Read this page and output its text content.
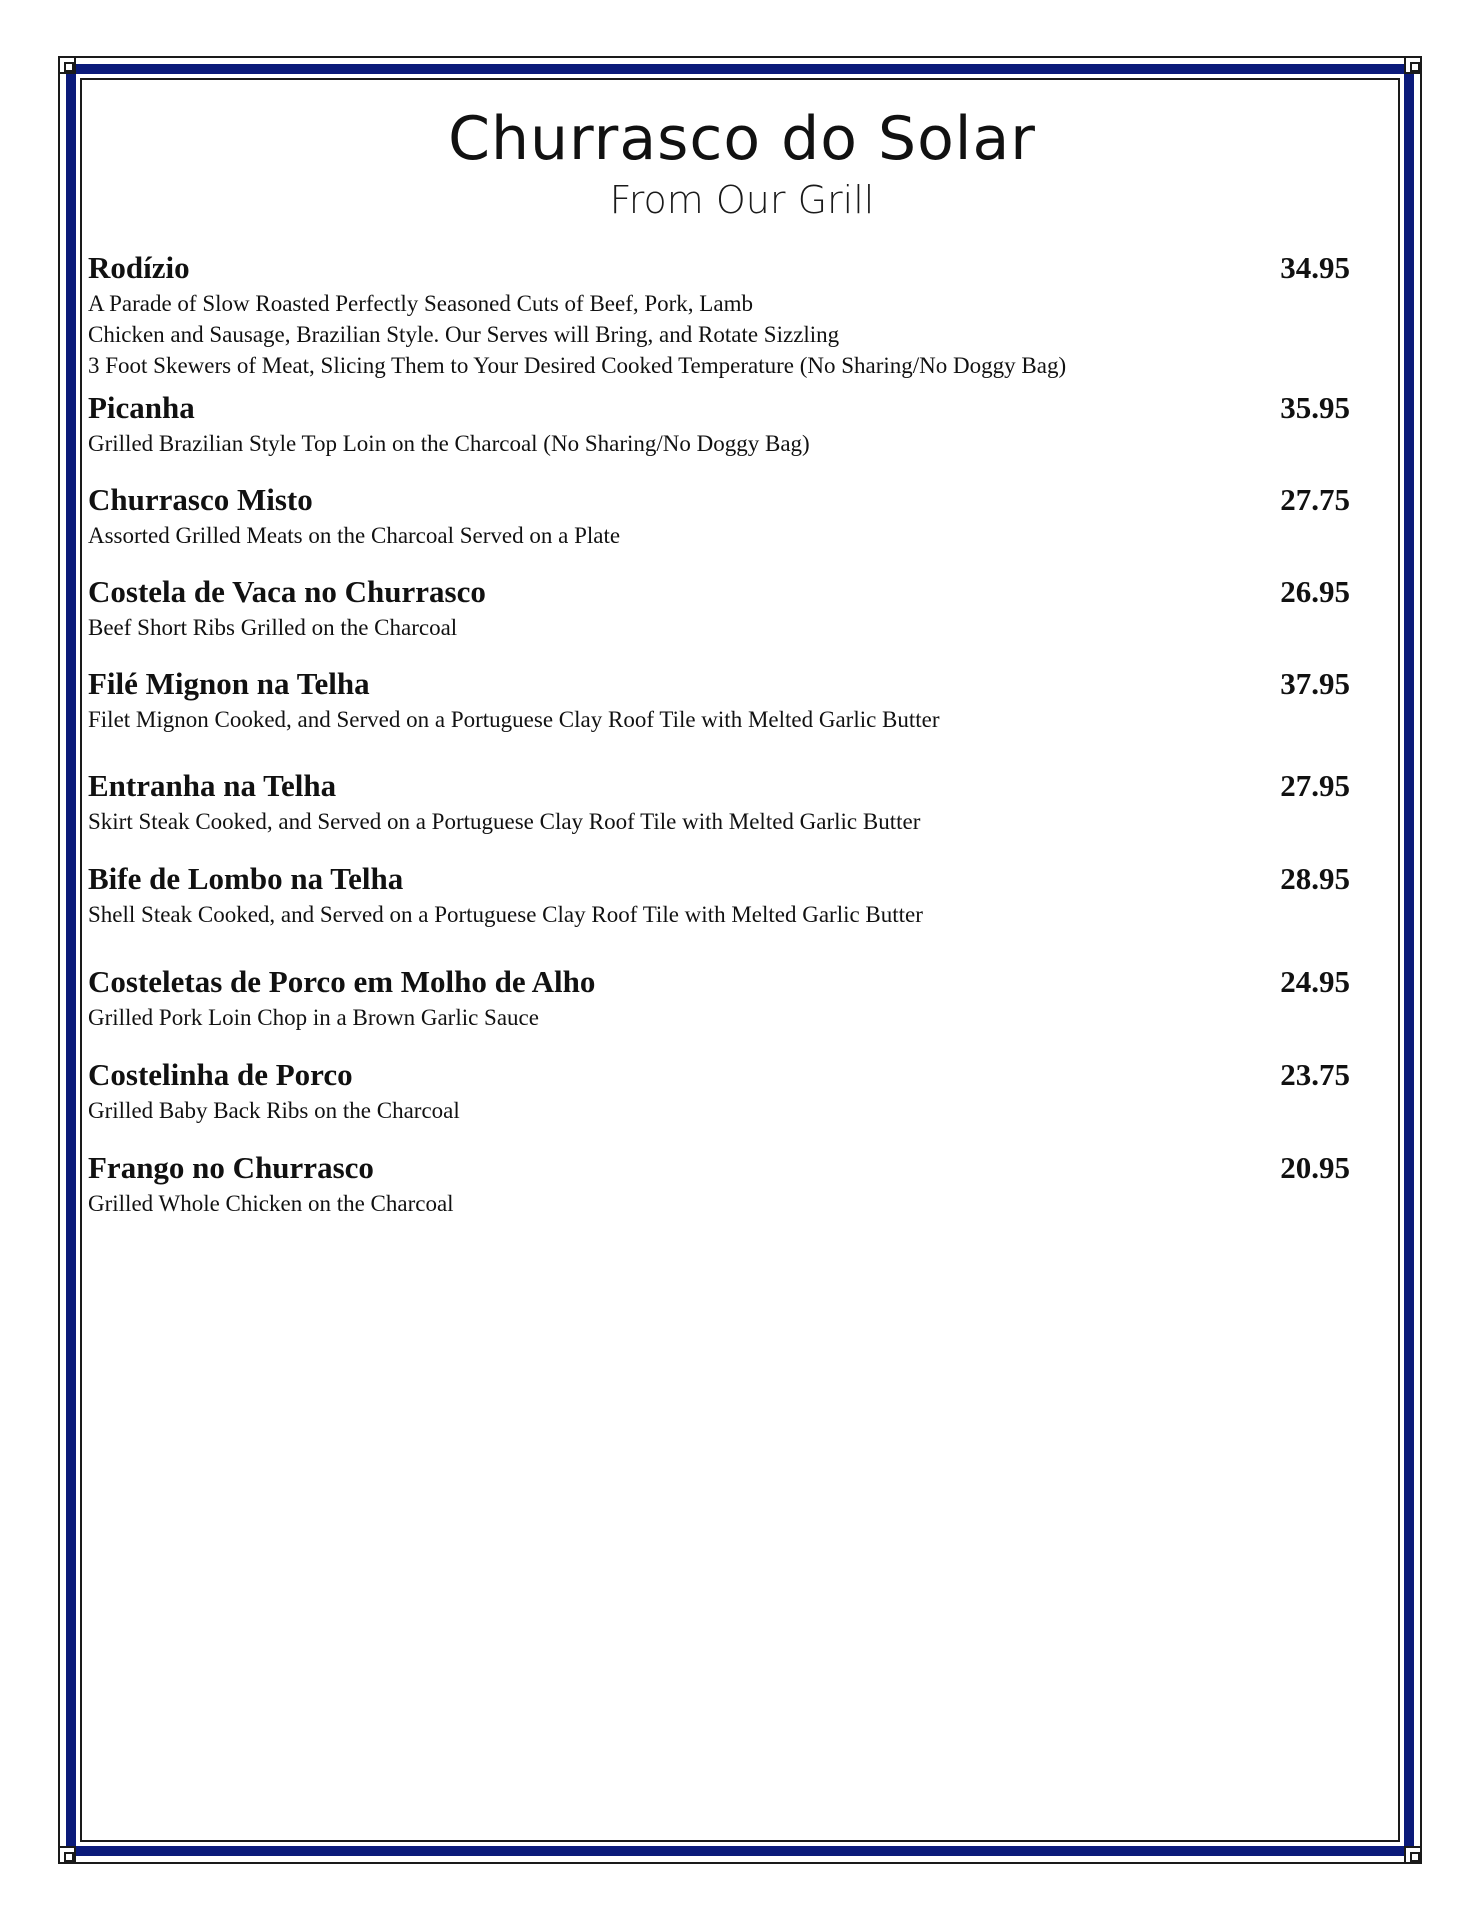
Churrasco do Solar
From Our Grill
Rodízio	34.95
A Parade of Slow Roasted Perfectly Seasoned Cuts of Beef, Pork, Lamb
Chicken and Sausage, Brazilian Style. Our Serves will Bring, and Rotate Sizzling
3 Foot Skewers of Meat, Slicing Them to Your Desired Cooked Temperature (No Sharing/No Doggy Bag)
Picanha	35.95
Grilled Brazilian Style Top Loin on the Charcoal (No Sharing/No Doggy Bag)
Churrasco Misto	27.75
Assorted Grilled Meats on the Charcoal Served on a Plate
Costela de Vaca no Churrasco	26.95
Beef Short Ribs Grilled on the Charcoal
Filé Mignon na Telha	37.95
Filet Mignon Cooked, and Served on a Portuguese Clay Roof Tile with Melted Garlic Butter
Entranha na Telha	27.95
Skirt Steak Cooked, and Served on a Portuguese Clay Roof Tile with Melted Garlic Butter
Bife de Lombo na Telha	28.95
Shell Steak Cooked, and Served on a Portuguese Clay Roof Tile with Melted Garlic Butter
Costeletas de Porco em Molho de Alho	24.95
Grilled Pork Loin Chop in a Brown Garlic Sauce
Costelinha de Porco	23.75
Grilled Baby Back Ribs on the Charcoal
Frango no Churrasco	20.95
Grilled Whole Chicken on the Charcoal
